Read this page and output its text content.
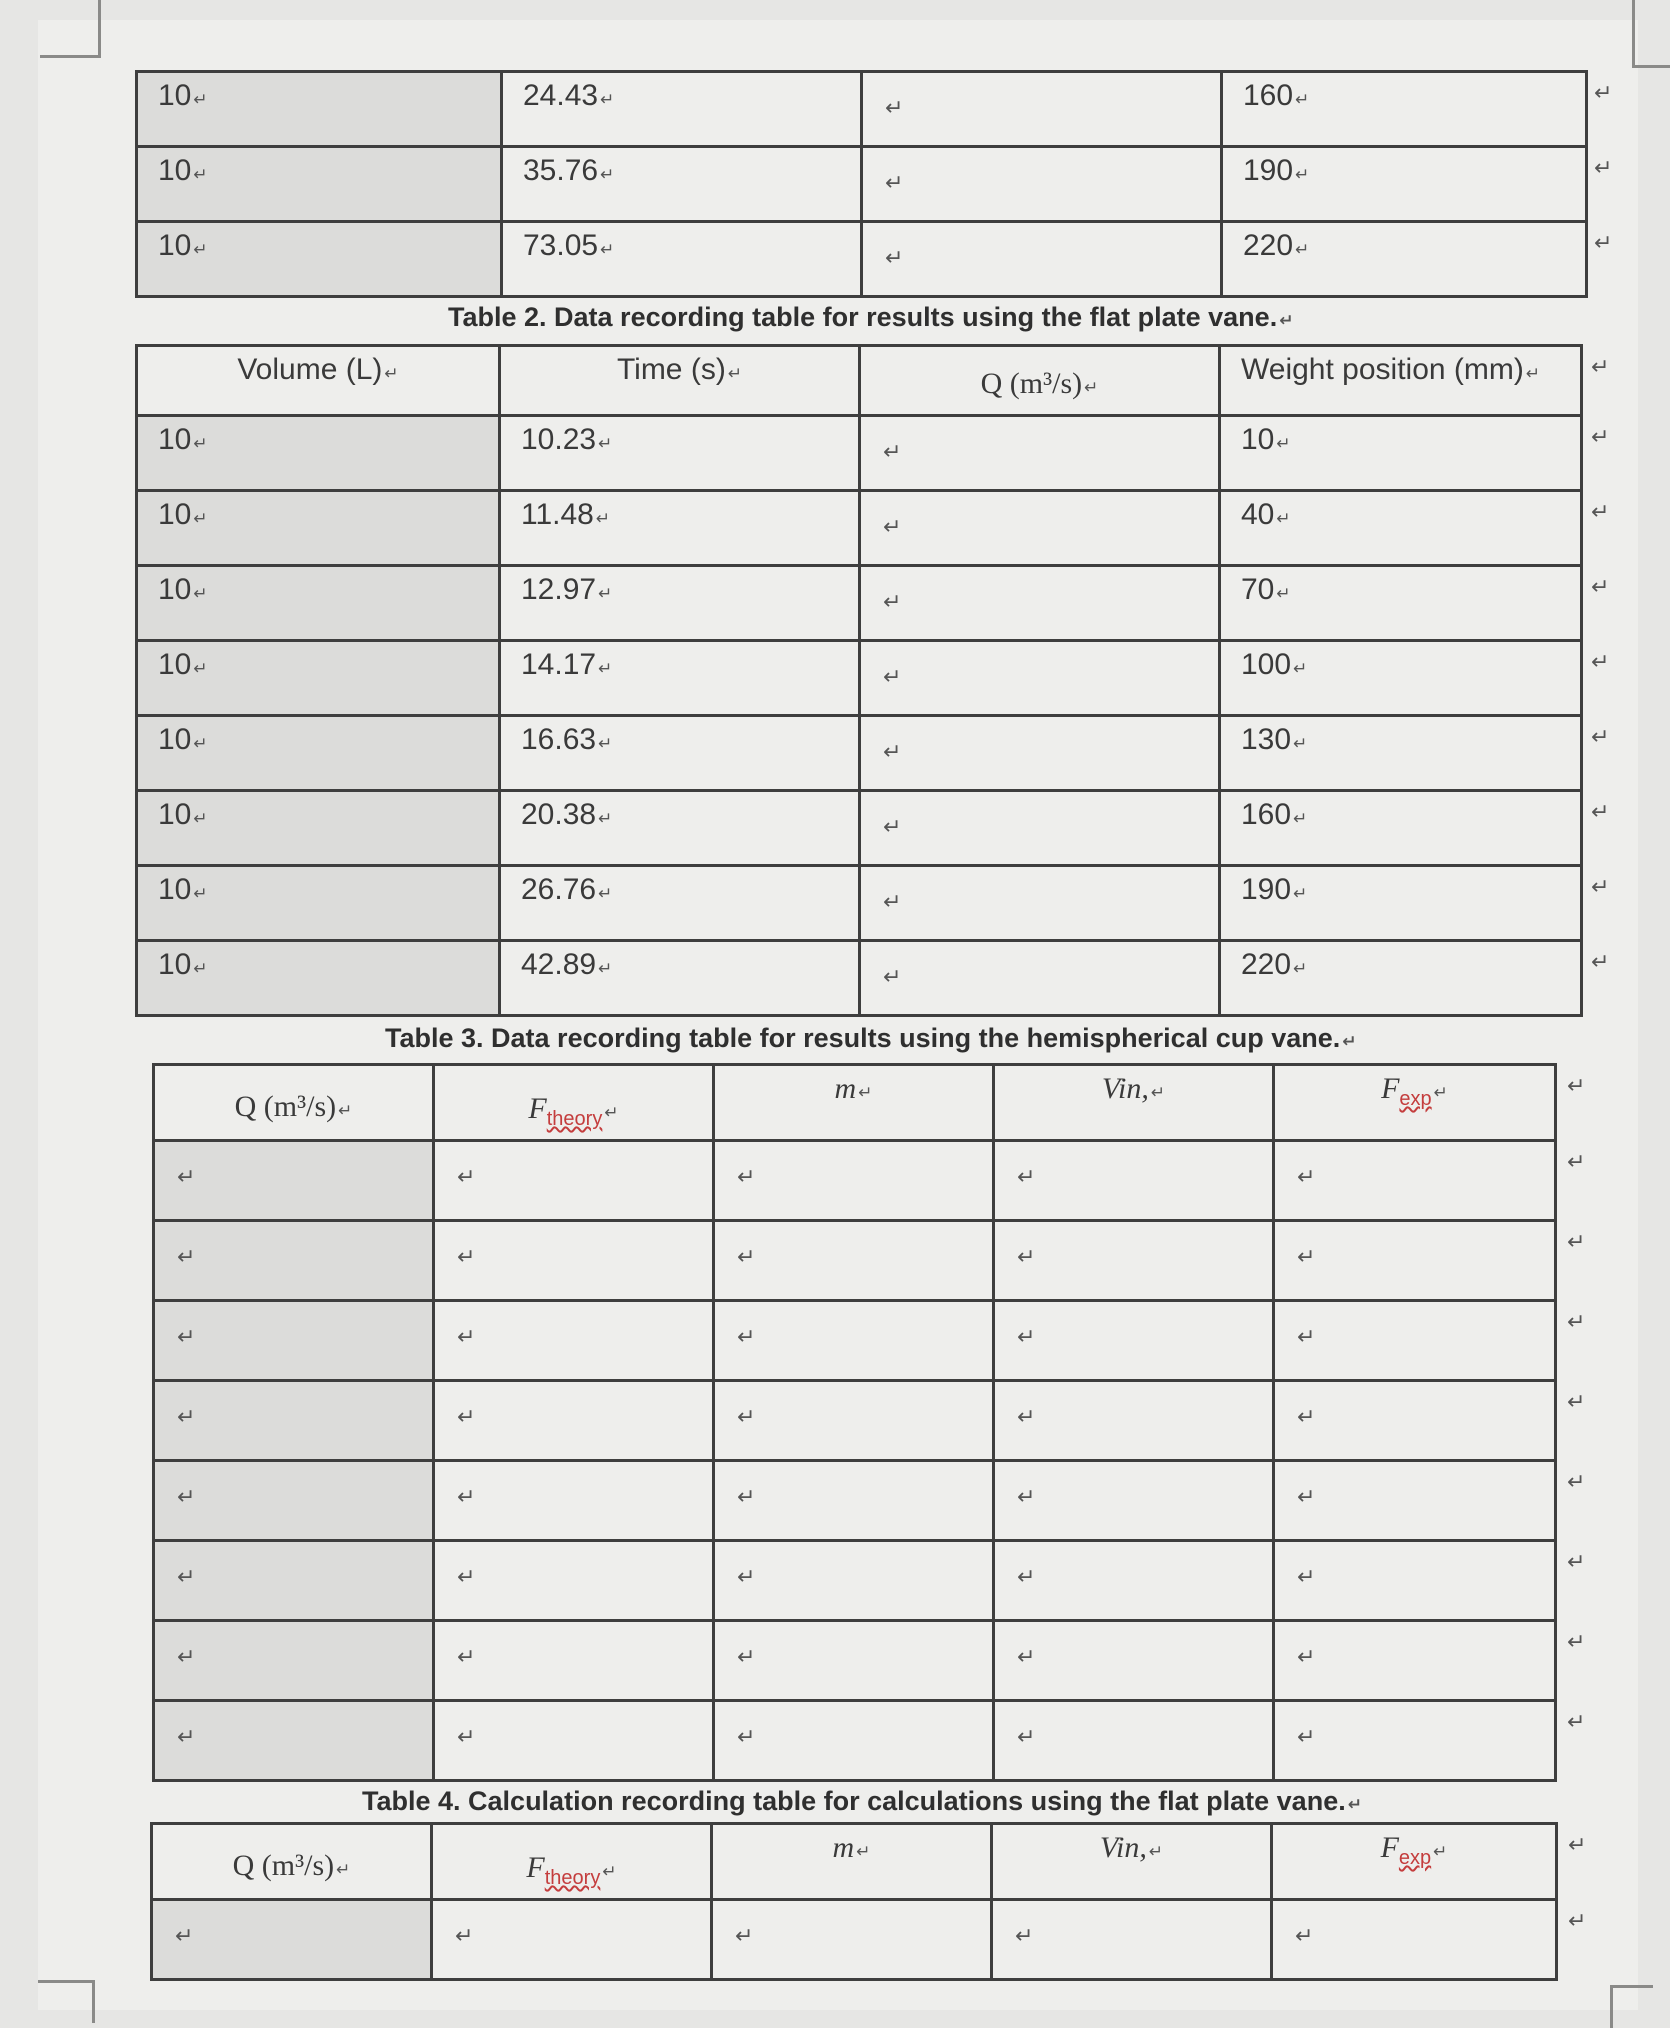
10 ↵	24.43 ↵	↵	160 ↵
10 ↵	35.76 ↵	↵	190 ↵
10 ↵	73.05 ↵	↵	220 ↵
Table 2. Data recording table for results using the flat plate vane. ↵
Volume (L) ↵	Time (s) ↵	Q (m³/s) ↵	Weight position (mm) ↵
10 ↵	10.23 ↵	↵	10 ↵
10 ↵	11.48 ↵	↵	40 ↵
10 ↵	12.97 ↵	↵	70 ↵
10 ↵	14.17 ↵	↵	100 ↵
10 ↵	16.63 ↵	↵	130 ↵
10 ↵	20.38 ↵	↵	160 ↵
10 ↵	26.76 ↵	↵	190 ↵
10 ↵	42.89 ↵	↵	220 ↵
Table 3. Data recording table for results using the hemispherical cup vane. ↵
Q (m³/s) ↵	$F_{theory}$ ↵	m ↵	Vin, ↵	$F_{exp}$ ↵
↵	↵	↵	↵	↵
↵	↵	↵	↵	↵
↵	↵	↵	↵	↵
↵	↵	↵	↵	↵
↵	↵	↵	↵	↵
↵	↵	↵	↵	↵
↵	↵	↵	↵	↵
↵	↵	↵	↵	↵
Table 4. Calculation recording table for calculations using the flat plate vane. ↵
Q (m³/s) ↵	$F_{theory}$ ↵	m ↵	Vin, ↵	$F_{exp}$ ↵
↵	↵	↵	↵	↵
↵
↵
↵
↵
↵
↵
↵
↵
↵
↵
↵
↵
↵
↵
↵
↵
↵
↵
↵
↵
↵
↵
↵
